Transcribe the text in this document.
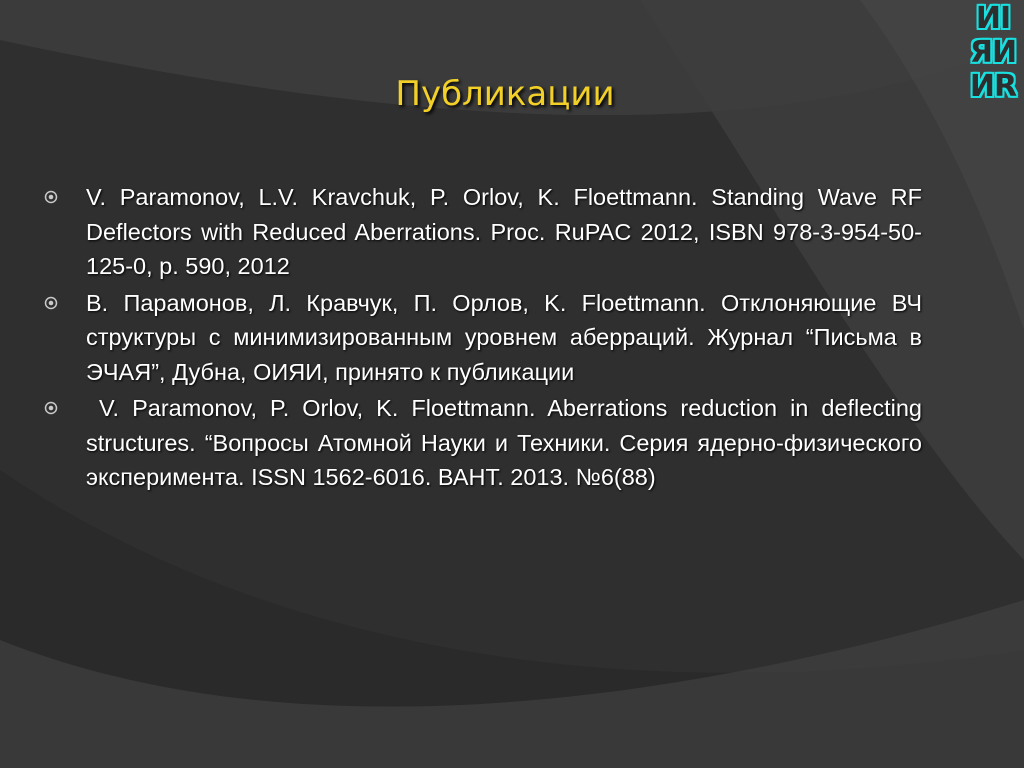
ИI
ЯИ
ИR
Публикации
V. Paramonov, L.V. Kravchuk, P. Orlov, K. Floettmann. Standing Wave RF Deflectors with Reduced Aberrations. Proc. RuPAC 2012, ISBN 978-3-954-50-125-0, p. 590, 2012
В. Парамонов, Л. Кравчук, П. Орлов, K. Floettmann. Отклоняющие ВЧ структуры с минимизированным уровнем аберраций. Журнал “Письма в ЭЧАЯ”, Дубна, ОИЯИ, принято к публикации
V. Paramonov, P. Orlov, K. Floettmann. Aberrations reduction in deflecting structures. “Вопросы Атомной Науки и Техники. Серия ядерно-физического эксперимента. ISSN 1562-6016. ВАНТ. 2013. №6(88)
